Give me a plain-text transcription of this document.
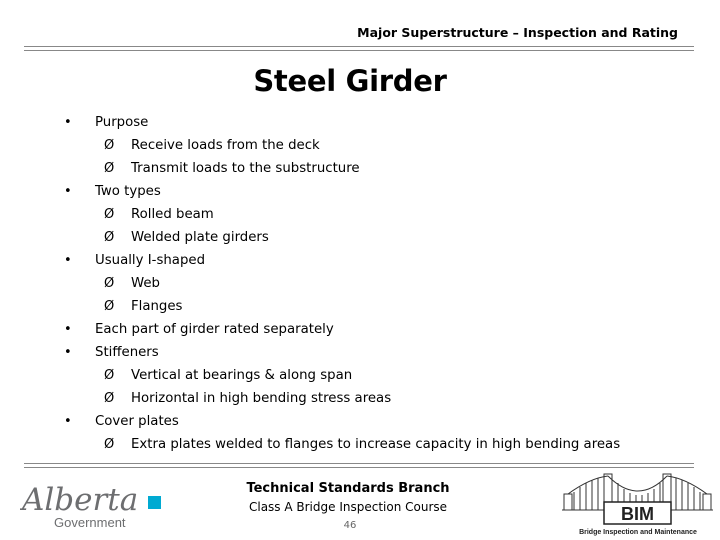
Major Superstructure – Inspection and Rating
Steel Girder
• Purpose
Ø Receive loads from the deck
Ø Transmit loads to the substructure
• Two types
Ø Rolled beam
Ø Welded plate girders
• Usually I-shaped
Ø Web
Ø Flanges
• Each part of girder rated separately
• Stiffeners
Ø Vertical at bearings & along span
Ø Horizontal in high bending stress areas
• Cover plates
Ø Extra plates welded to flanges to increase capacity in high bending areas
Alberta
Government
Technical Standards Branch
Class A Bridge Inspection Course
46
BIM
Bridge Inspection and Maintenance
